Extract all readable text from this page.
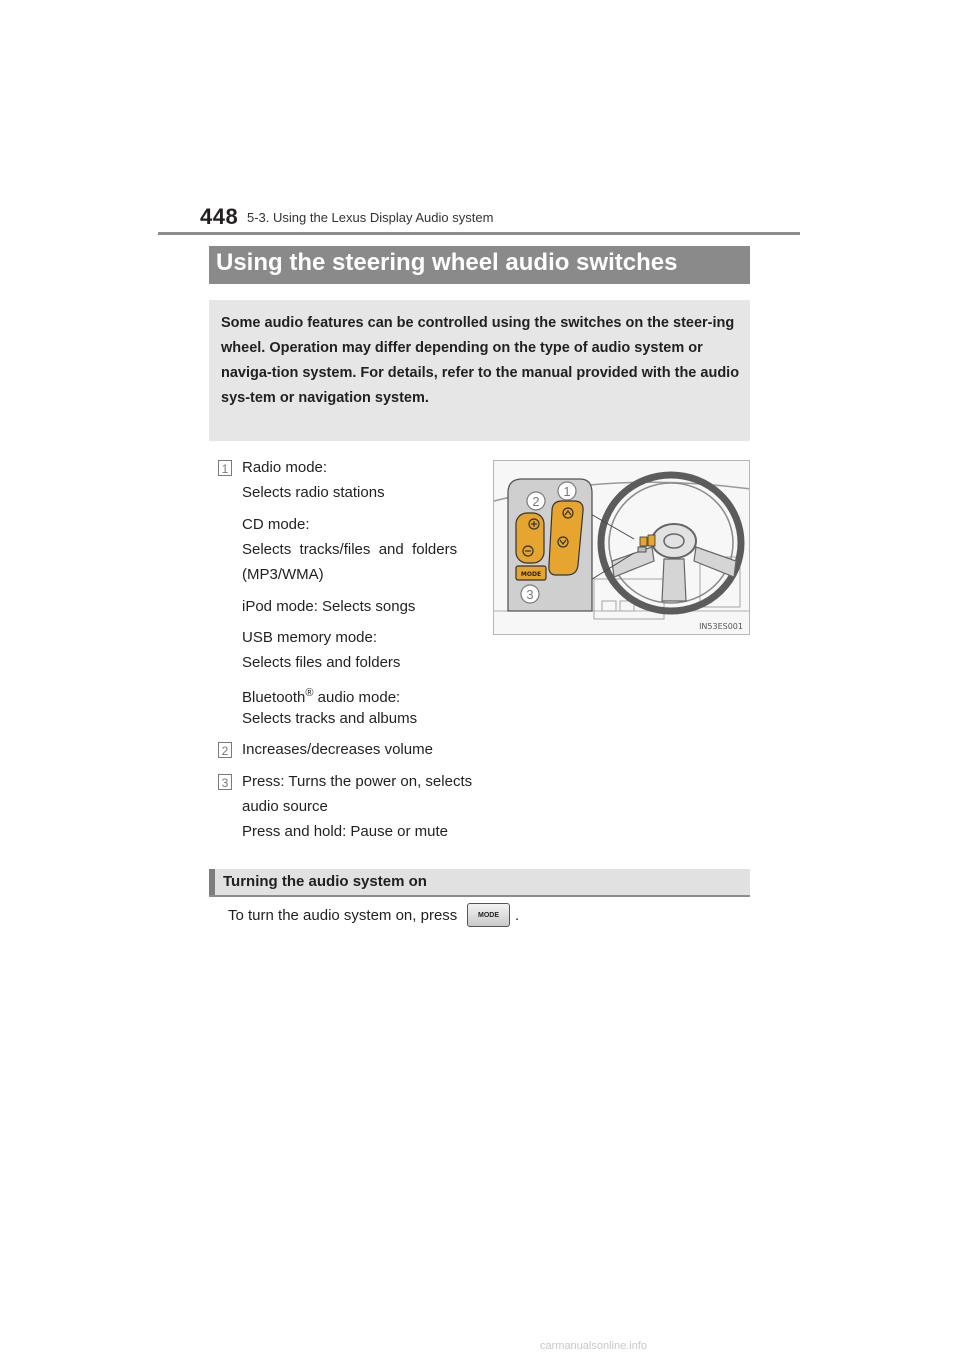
448 5-3. Using the Lexus Display Audio system
Using the steering wheel audio switches

Some audio features can be controlled using the switches on the steer-ing wheel. Operation may differ depending on the type of audio system or naviga-tion system. For details, refer to the manual provided with the audio sys-tem or navigation system.

1 Radio mode:
Selects radio stations
CD mode:
Selects  tracks/files  and  folders
(MP3/WMA)
iPod mode: Selects songs
USB memory mode:
Selects files and folders
Bluetooth® audio mode:
Selects tracks and albums
2 Increases/decreases volume
3 Press: Turns the power on, selects
audio source
Press and hold: Pause or mute
MODE
1
2
3
IN53ES001
Turning the audio system on
To turn the audio system on, press	MODE	.
carmanualsonline.info
